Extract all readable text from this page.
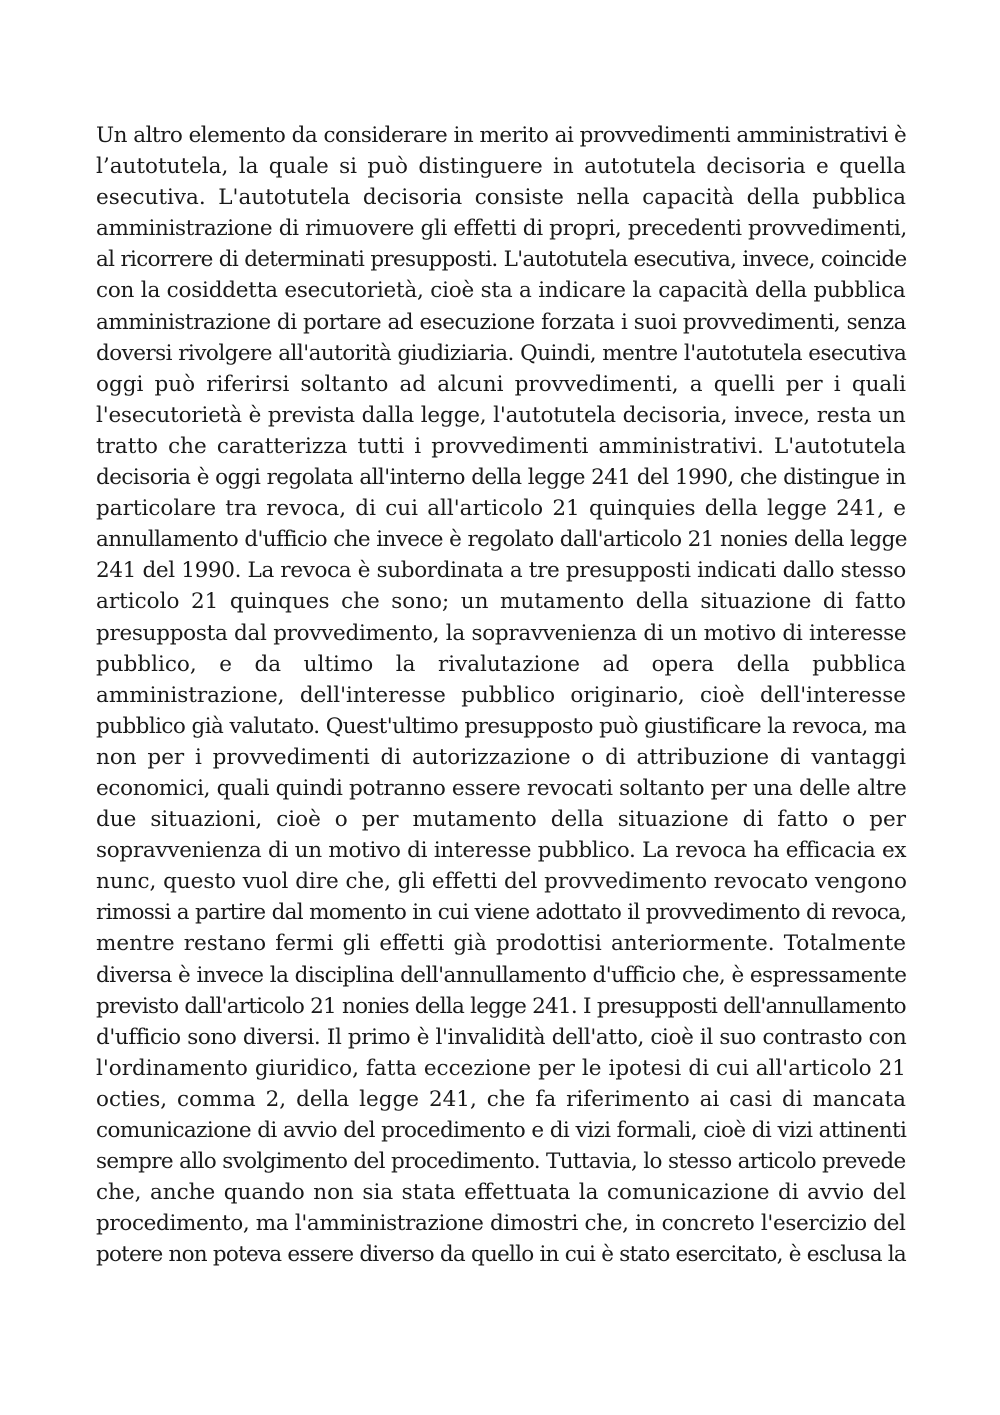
Un altro elemento da considerare in merito ai provvedimenti amministrativi è
l’autotutela, la quale si può distinguere in autotutela decisoria e quella
esecutiva. L'autotutela decisoria consiste nella capacità della pubblica
amministrazione di rimuovere gli effetti di propri, precedenti provvedimenti,
al ricorrere di determinati presupposti. L'autotutela esecutiva, invece, coincide
con la cosiddetta esecutorietà, cioè sta a indicare la capacità della pubblica
amministrazione di portare ad esecuzione forzata i suoi provvedimenti, senza
doversi rivolgere all'autorità giudiziaria. Quindi, mentre l'autotutela esecutiva
oggi può riferirsi soltanto ad alcuni provvedimenti, a quelli per i quali
l'esecutorietà è prevista dalla legge, l'autotutela decisoria, invece, resta un
tratto che caratterizza tutti i provvedimenti amministrativi. L'autotutela
decisoria è oggi regolata all'interno della legge 241 del 1990, che distingue in
particolare tra revoca, di cui all'articolo 21 quinquies della legge 241, e
annullamento d'ufficio che invece è regolato dall'articolo 21 nonies della legge
241 del 1990. La revoca è subordinata a tre presupposti indicati dallo stesso
articolo 21 quinques che sono; un mutamento della situazione di fatto
presupposta dal provvedimento, la sopravvenienza di un motivo di interesse
pubblico, e da ultimo la rivalutazione ad opera della pubblica
amministrazione, dell'interesse pubblico originario, cioè dell'interesse
pubblico già valutato. Quest'ultimo presupposto può giustificare la revoca, ma
non per i provvedimenti di autorizzazione o di attribuzione di vantaggi
economici, quali quindi potranno essere revocati soltanto per una delle altre
due situazioni, cioè o per mutamento della situazione di fatto o per
sopravvenienza di un motivo di interesse pubblico. La revoca ha efficacia ex
nunc, questo vuol dire che, gli effetti del provvedimento revocato vengono
rimossi a partire dal momento in cui viene adottato il provvedimento di revoca,
mentre restano fermi gli effetti già prodottisi anteriormente. Totalmente
diversa è invece la disciplina dell'annullamento d'ufficio che, è espressamente
previsto dall'articolo 21 nonies della legge 241. I presupposti dell'annullamento
d'ufficio sono diversi. Il primo è l'invalidità dell'atto, cioè il suo contrasto con
l'ordinamento giuridico, fatta eccezione per le ipotesi di cui all'articolo 21
octies, comma 2, della legge 241, che fa riferimento ai casi di mancata
comunicazione di avvio del procedimento e di vizi formali, cioè di vizi attinenti
sempre allo svolgimento del procedimento. Tuttavia, lo stesso articolo prevede
che, anche quando non sia stata effettuata la comunicazione di avvio del
procedimento, ma l'amministrazione dimostri che, in concreto l'esercizio del
potere non poteva essere diverso da quello in cui è stato esercitato, è esclusa la
